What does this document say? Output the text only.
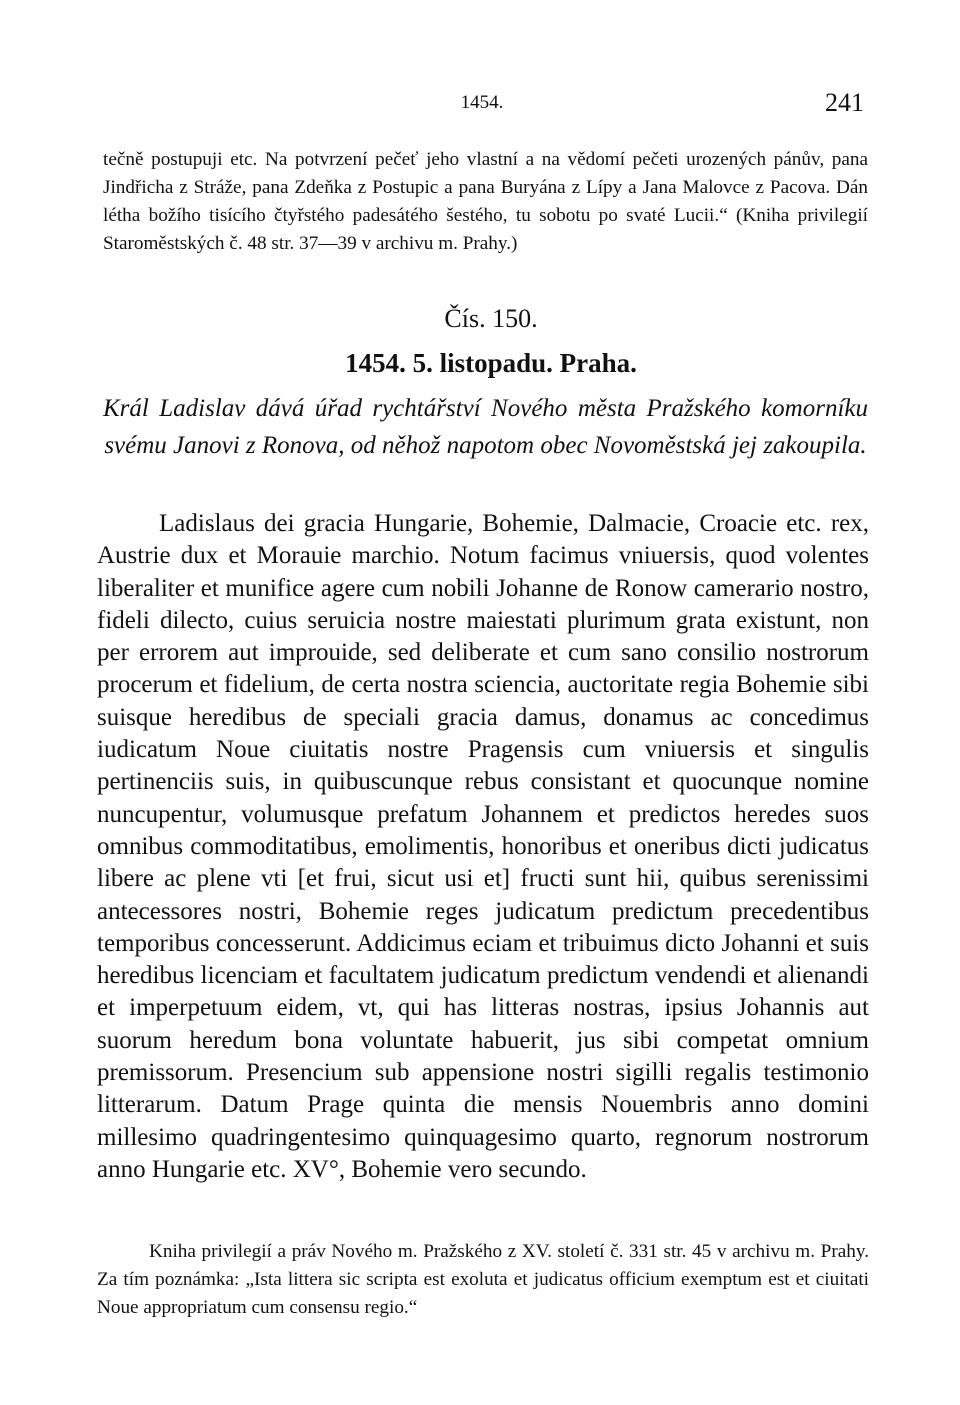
1454.	241

tečně postupuji etc. Na potvrzení pečeť jeho vlastní a na vědomí pečeti urozených pánův, pana Jindřicha z Stráže, pana Zdeňka z Postupic a pana Buryána z Lípy a Jana Malovce z Pacova. Dán létha božího tisícího čtyřstého padesátého šestého, tu sobotu po svaté Lucii.“ (Kniha privilegií Staroměstských č. 48 str. 37—39 v archivu m. Prahy.)

Čís. 150.
1454. 5. listopadu. Praha.

Král Ladislav dává úřad rychtářství Nového města Pražského komorníku svému Janovi z Ronova, od něhož napotom obec Novoměstská jej zakoupila.

Ladislaus dei gracia Hungarie, Bohemie, Dalmacie, Croacie etc. rex, Austrie dux et Morauie marchio. Notum facimus vniuersis, quod volentes liberaliter et munifice agere cum nobili Johanne de Ronow camerario nostro, fideli dilecto, cuius seruicia nostre maiestati plurimum grata existunt, non per errorem aut improuide, sed deliberate et cum sano consilio nostrorum procerum et fidelium, de certa nostra sciencia, auctoritate regia Bohemie sibi suisque heredibus de speciali gracia damus, donamus ac concedimus iudicatum Noue ciuitatis nostre Pragensis cum vniuersis et singulis pertinenciis suis, in quibuscunque rebus consistant et quocunque nomine nuncupentur, volumusque prefatum Johannem et predictos heredes suos omnibus commoditatibus, emolimentis, honoribus et oneribus dicti judicatus libere ac plene vti [et frui, sicut usi et] fructi sunt hii, quibus serenissimi antecessores nostri, Bohemie reges judicatum predictum precedentibus temporibus concesserunt. Addicimus eciam et tribuimus dicto Johanni et suis heredibus licenciam et facultatem judicatum predictum vendendi et alienandi et imperpetuum eidem, vt, qui has litteras nostras, ipsius Johannis aut suorum heredum bona voluntate habuerit, jus sibi competat omnium premissorum. Presencium sub appensione nostri sigilli regalis testimonio litterarum. Datum Prage quinta die mensis Nouembris anno domini millesimo quadringentesimo quinquagesimo quarto, regnorum nostrorum anno Hungarie etc. XV°, Bohemie vero secundo.

Kniha privilegií a práv Nového m. Pražského z XV. století č. 331 str. 45 v archivu m. Prahy. Za tím poznámka: „Ista littera sic scripta est exoluta et judicatus officium exemptum est et ciuitati Noue appropriatum cum consensu regio.“
